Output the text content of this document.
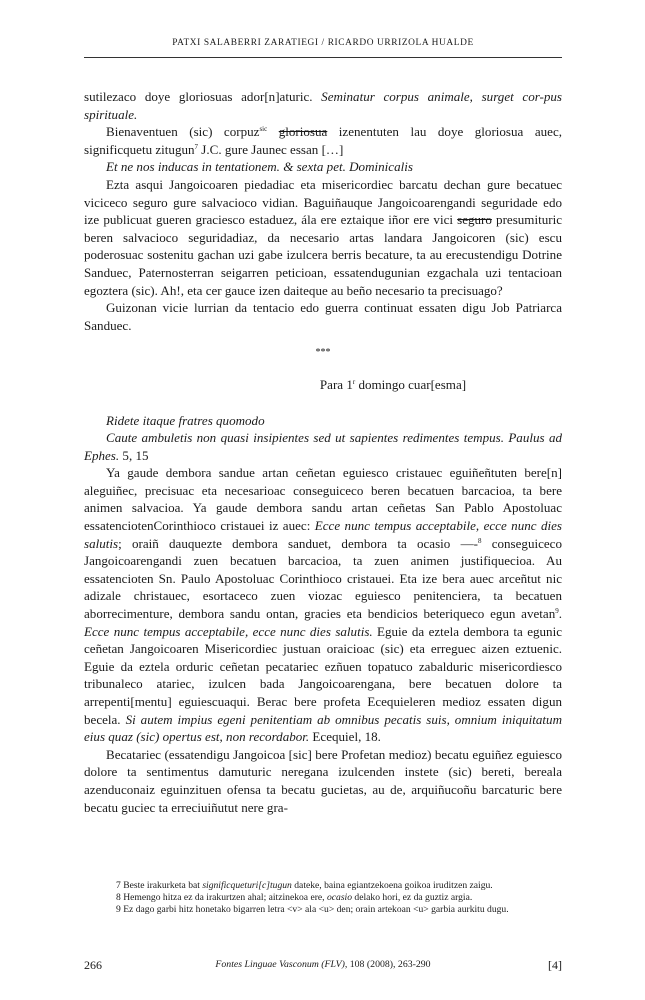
PATXI SALABERRI ZARATIEGI / RICARDO URRIZOLA HUALDE

sutilezaco doye gloriosuas ador[n]aturic. Seminatur corpus animale, surget cor-pus spirituale.

Bienaventuen (sic) corpuz$^{sic}$ gloriosua izenentuten lau doye gloriosua auec, significquetu zitugun$^7$ J.C. gure Jaunec essan […]

Et ne nos inducas in tentationem. & sexta pet. Dominicalis

Ezta asqui Jangoicoaren piedadiac eta misericordiec barcatu dechan gure becatuec viciceco seguro gure salvacioco vidian. Baguiñauque Jangoicoarengandi seguridade edo ize publicuat gueren graciesco estaduez, ála ere eztaique iñor ere vici seguro presumituric beren salvacioco seguridadiaz, da necesario artas landara Jangoicoren (sic) escu poderosuac sostenitu gachan uzi gabe izulcera berris becature, ta au erecustendigu Dotrine Sanduec, Paternosterran seigarren peticioan, essatendugunian ezgachala uzi tentacioan egoztera (sic). Ah!, eta cer gauce izen daiteque au beño necesario ta precisuago?

Guizonan vicie lurrian da tentacio edo guerra continuat essaten digu Job Patriarca Sanduec.

***

Para 1$^r$ domingo cuar[esma]

Ridete itaque fratres quomodo

Caute ambuletis non quasi insipientes sed ut sapientes redimentes tempus. Paulus ad Ephes. 5, 15

Ya gaude dembora sandue artan ceñetan eguiesco cristauec eguiñeñtuten bere[n] aleguiñec, precisuac eta necesarioac conseguiceco beren becatuen barcacioa, ta bere animen salvacioa. Ya gaude dembora sandu artan ceñetas San Pablo Apostoluac essatenciotenCorinthioco cristauei iz auec: Ecce nunc tempus acceptabile, ecce nunc dies salutis; oraiñ dauquezte dembora sanduet, dembora ta ocasio —-$^8$ conseguiceco Jangoicoarengandi zuen becatuen barcacioa, ta zuen animen justifiquecioa. Au essatencioten Sn. Paulo Apostoluac Corinthioco cristauei. Eta ize bera auec arceñtut nic adizale christauec, esortaceco zuen viozac eguiesco penitenciera, ta becatuen aborrecimenture, dembora sandu ontan, gracies eta bendicios beteriqueco egun avetan$^9$. Ecce nunc tempus acceptabile, ecce nunc dies salutis. Eguie da eztela dembora ta egunic ceñetan Jangoicoaren Misericordiec justuan oraicioac (sic) eta erreguec aizen eztuenic. Eguie da eztela orduric ceñetan pecatariec ezñuen topatuco zabalduric misericordiesco tribunaleco atariec, izulcen bada Jangoicoarengana, bere becatuen dolore ta arrepenti[mentu] eguiescuaqui. Berac bere profeta Ecequieleren medioz essaten digun becela. Si autem impius egeni penitentiam ab omnibus pecatis suis, omnium iniquitatum eius quaz (sic) opertus est, non recordabor. Ecequiel, 18.

Becatariec (essatendigu Jangoicoa [sic] bere Profetan medioz) becatu eguiñez eguiesco dolore ta sentimentus damuturic neregana izulcenden instete (sic) bereti, bereala azenduconaiz eguinzituen ofensa ta becatu gucietas, au de, arquiñucoñu barcaturic bere becatu guciec ta erreciuiñutut nere gra-

7 Beste irakurketa bat significqueturi[c]tugun dateke, baina egiantzekoena goikoa iruditzen zaigu.

8 Hemengo hitza ez da irakurtzen ahal; aitzinekoa ere, ocasio delako hori, ez da guztiz argia.

9 Ez dago garbi hitz honetako bigarren letra <v> ala <u> den; orain artekoan <u> garbia aurkitu dugu.

266	Fontes Linguae Vasconum (FLV), 108 (2008), 263-290	[4]
